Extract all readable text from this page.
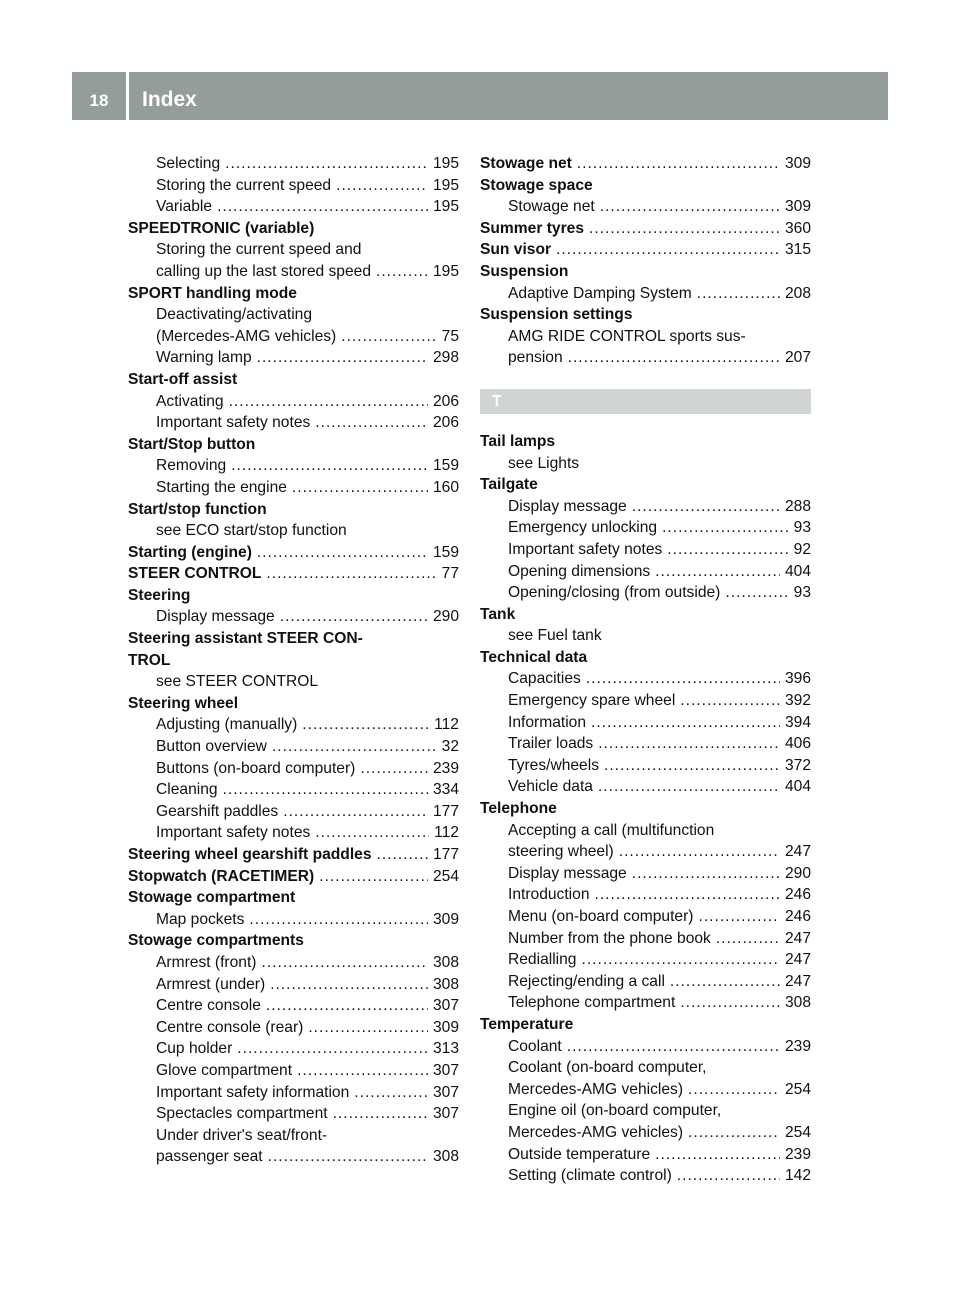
18	Index
Selecting .....	195
Storing the current speed .....	195
Variable .....	195
SPEEDTRONIC (variable)
Storing the current speed and
calling up the last stored speed .....	195
SPORT handling mode
Deactivating/activating
(Mercedes-AMG vehicles) .....	75
Warning lamp .....	298
Start-off assist
Activating .....	206
Important safety notes .....	206
Start/Stop button
Removing .....	159
Starting the engine .....	160
Start/stop function
see ECO start/stop function
Starting (engine) .....	159
STEER CONTROL .....	77
Steering
Display message .....	290
Steering assistant STEER CON-
TROL
see STEER CONTROL
Steering wheel
Adjusting (manually) .....	112
Button overview .....	32
Buttons (on-board computer) .....	239
Cleaning .....	334
Gearshift paddles .....	177
Important safety notes .....	112
Steering wheel gearshift paddles .....	177
Stopwatch (RACETIMER) .....	254
Stowage compartment
Map pockets .....	309
Stowage compartments
Armrest (front) .....	308
Armrest (under) .....	308
Centre console .....	307
Centre console (rear) .....	309
Cup holder .....	313
Glove compartment .....	307
Important safety information .....	307
Spectacles compartment .....	307
Under driver's seat/front-
passenger seat .....	308
Stowage net .....	309
Stowage space
Stowage net .....	309
Summer tyres .....	360
Sun visor .....	315
Suspension
Adaptive Damping System .....	208
Suspension settings
AMG RIDE CONTROL sports sus-
pension .....	207
T
Tail lamps
see Lights
Tailgate
Display message .....	288
Emergency unlocking .....	93
Important safety notes .....	92
Opening dimensions .....	404
Opening/closing (from outside) .....	93
Tank
see Fuel tank
Technical data
Capacities .....	396
Emergency spare wheel .....	392
Information .....	394
Trailer loads .....	406
Tyres/wheels .....	372
Vehicle data .....	404
Telephone
Accepting a call (multifunction
steering wheel) .....	247
Display message .....	290
Introduction .....	246
Menu (on-board computer) .....	246
Number from the phone book .....	247
Redialling .....	247
Rejecting/ending a call .....	247
Telephone compartment .....	308
Temperature
Coolant .....	239
Coolant (on-board computer,
Mercedes-AMG vehicles) .....	254
Engine oil (on-board computer,
Mercedes-AMG vehicles) .....	254
Outside temperature .....	239
Setting (climate control) .....	142
